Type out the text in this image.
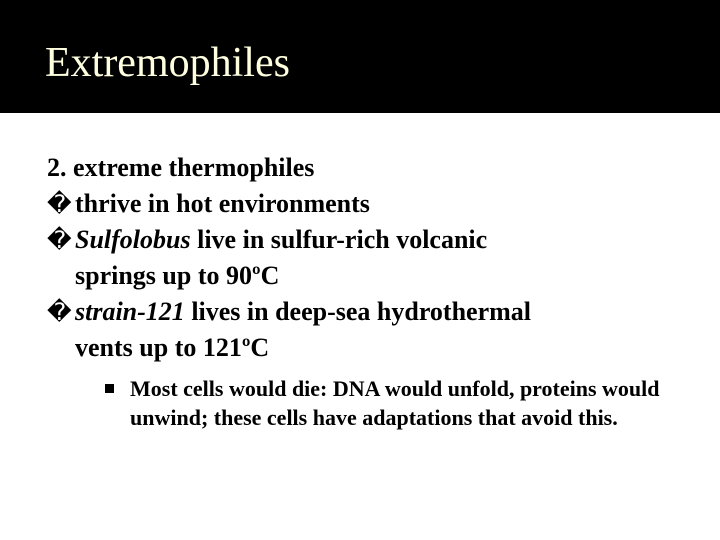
Extremophiles
2. extreme thermophiles
� thrive in hot environments
� Sulfolobus live in sulfur-rich volcanic
springs up to 90ºC
� strain-121 lives in deep-sea hydrothermal
vents up to 121ºC
Most cells would die: DNA would unfold, proteins would unwind; these cells have adaptations that avoid this.
